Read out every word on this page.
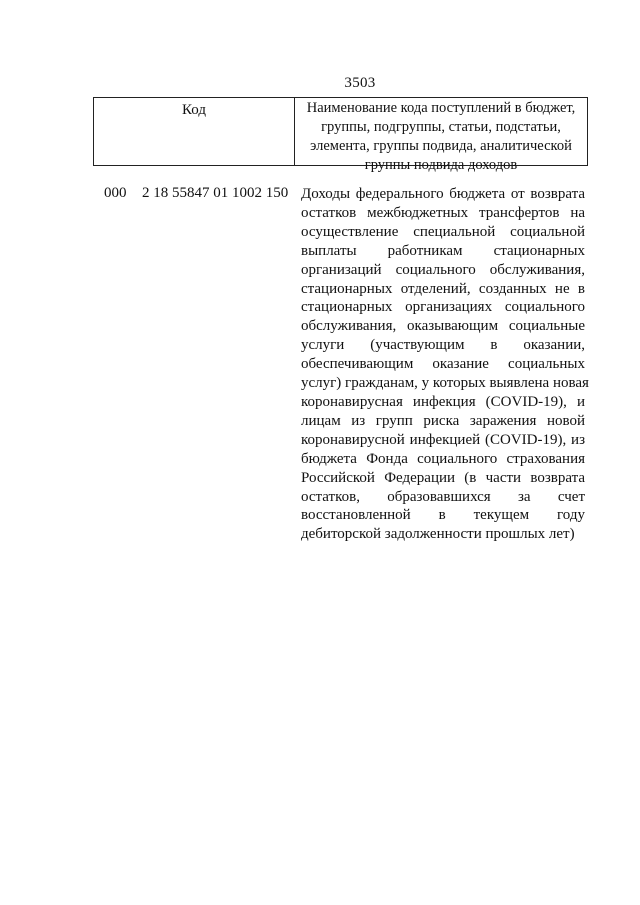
3503
Код	Наименование кода поступлений в бюджет,
группы, подгруппы, статьи, подстатьи,
элемента, группы подвида, аналитической
группы подвида доходов
000 2 18 55847 01 1002 150 Доходы федерального бюджета от возврата
остатков межбюджетных трансфертов на
осуществление специальной социальной
выплаты работникам стационарных
организаций социального обслуживания,
стационарных отделений, созданных не в
стационарных организациях социального
обслуживания, оказывающим социальные
услуги (участвующим в оказании,
обеспечивающим оказание социальных
услуг) гражданам, у которых выявлена новая
коронавирусная инфекция (COVID-19), и
лицам из групп риска заражения новой
коронавирусной инфекцией (COVID-19), из
бюджета Фонда социального страхования
Российской Федерации (в части возврата
остатков, образовавшихся за счет
восстановленной в текущем году
дебиторской задолженности прошлых лет)
